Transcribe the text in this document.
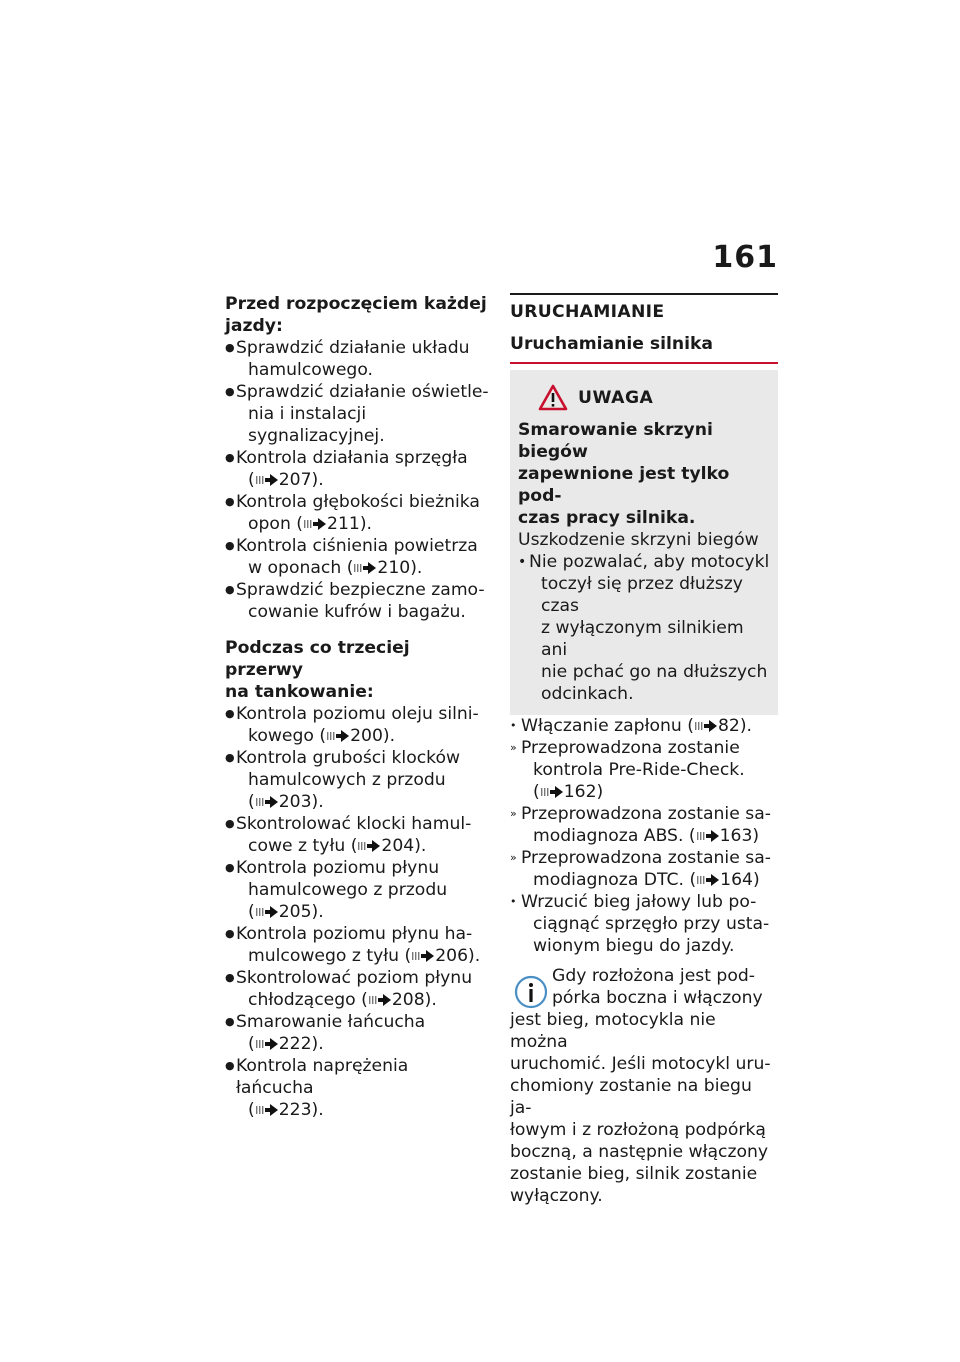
161
Przed rozpoczęciem każdej
jazdy:
● Sprawdzić działanie układu
hamulcowego.
● Sprawdzić działanie oświetle-
nia i instalacji sygnalizacyjnej.
● Kontrola działania sprzęgła
( 207).
● Kontrola głębokości bieżnika
opon ( 211).
● Kontrola ciśnienia powietrza
w oponach ( 210).
● Sprawdzić bezpieczne zamo-
cowanie kufrów i bagażu.
Podczas co trzeciej przerwy
na tankowanie:
● Kontrola poziomu oleju silni-
kowego ( 200).
● Kontrola grubości klocków
hamulcowych z przodu
( 203).
● Skontrolować klocki hamul-
cowe z tyłu ( 204).
● Kontrola poziomu płynu
hamulcowego z przodu
( 205).
● Kontrola poziomu płynu ha-
mulcowego z tyłu ( 206).
● Skontrolować poziom płynu
chłodzącego ( 208).
● Smarowanie łańcucha
( 222).
● Kontrola naprężenia łańcucha
( 223).
URUCHAMIANIE
Uruchamianie silnika
UWAGA
Smarowanie skrzyni biegów
zapewnione jest tylko pod-
czas pracy silnika.
Uszkodzenie skrzyni biegów
• Nie pozwalać, aby motocykl
toczył się przez dłuższy czas
z wyłączonym silnikiem ani
nie pchać go na dłuższych
odcinkach.
• Włączanie zapłonu ( 82).
» Przeprowadzona zostanie
kontrola Pre-Ride-Check.
( 162)
» Przeprowadzona zostanie sa-
modiagnoza ABS. ( 163)
» Przeprowadzona zostanie sa-
modiagnoza DTC. ( 164)
• Wrzucić bieg jałowy lub po-
ciągnąć sprzęgło przy usta-
wionym biegu do jazdy.
Gdy rozłożona jest pod-
pórka boczna i włączony
jest bieg, motocykla nie można
uruchomić. Jeśli motocykl uru-
chomiony zostanie na biegu ja-
łowym i z rozłożoną podpórką
boczną, a następnie włączony
zostanie bieg, silnik zostanie
wyłączony.
